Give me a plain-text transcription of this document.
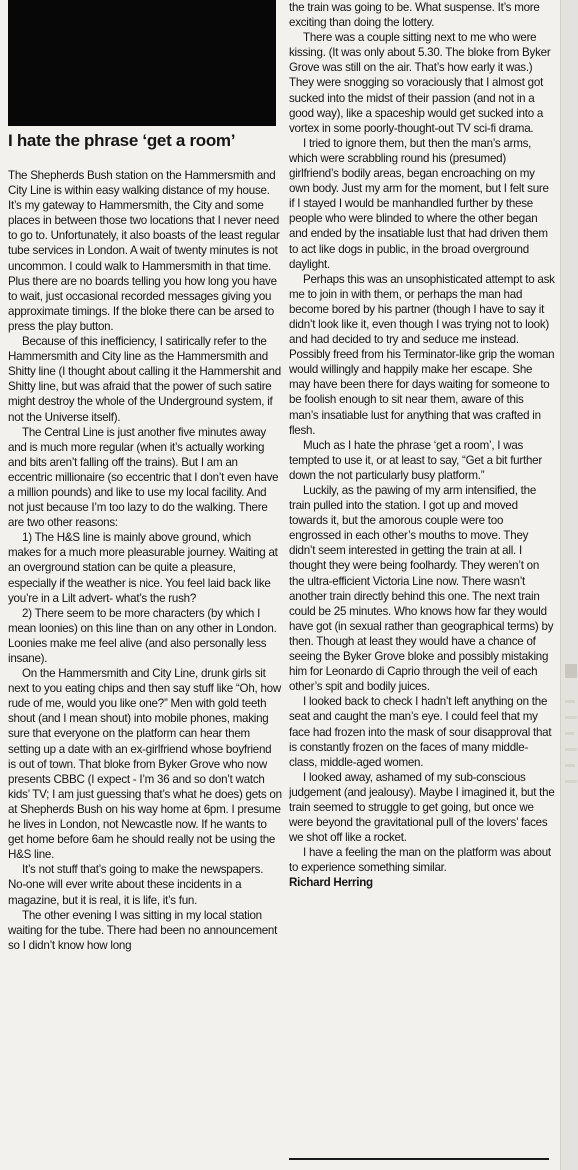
I hate the phrase ‘get a room’

The Shepherds Bush station on the Hammersmith and City Line is within easy walking distance of my house. It’s my gateway to Hammersmith, the City and some places in between those two locations that I never need to go to. Unfortunately, it also boasts of the least regular tube services in London. A wait of twenty minutes is not uncommon. I could walk to Hammersmith in that time. Plus there are no boards telling you how long you have to wait, just occasional recorded messages giving you approximate timings. If the bloke there can be arsed to press the play button.

Because of this inefficiency, I satirically refer to the Hammersmith and City line as the Hammersmith and Shitty line (I thought about calling it the Hammershit and Shitty line, but was afraid that the power of such satire might destroy the whole of the Underground system, if not the Universe itself).

The Central Line is just another five minutes away and is much more regular (when it’s actually working and bits aren’t falling off the trains). But I am an eccentric millionaire (so eccentric that I don’t even have a million pounds) and like to use my local facility. And not just because I’m too lazy to do the walking. There are two other reasons:

1) The H&S line is mainly above ground, which makes for a much more pleasurable journey. Waiting at an overground station can be quite a pleasure, especially if the weather is nice. You feel laid back like you’re in a Lilt advert- what’s the rush?

2) There seem to be more characters (by which I mean loonies) on this line than on any other in London. Loonies make me feel alive (and also personally less insane).

On the Hammersmith and City Line, drunk girls sit next to you eating chips and then say stuff like “Oh, how rude of me, would you like one?” Men with gold teeth shout (and I mean shout) into mobile phones, making sure that everyone on the platform can hear them setting up a date with an ex-girlfriend whose boyfriend is out of town. That bloke from Byker Grove who now presents CBBC (I expect - I’m 36 and so don’t watch kids’ TV; I am just guessing that’s what he does) gets on at Shepherds Bush on his way home at 6pm. I presume he lives in London, not Newcastle now. If he wants to get home before 6am he should really not be using the H&S line.

It’s not stuff that’s going to make the newspapers. No-one will ever write about these incidents in a magazine, but it is real, it is life, it’s fun.

The other evening I was sitting in my local station waiting for the tube. There had been no announcement so I didn’t know how long

the train was going to be. What suspense. It’s more exciting than doing the lottery.

There was a couple sitting next to me who were kissing. (It was only about 5.30. The bloke from Byker Grove was still on the air. That’s how early it was.) They were snogging so voraciously that I almost got sucked into the midst of their passion (and not in a good way), like a spaceship would get sucked into a vortex in some poorly-thought-out TV sci-fi drama.

I tried to ignore them, but then the man’s arms, which were scrabbling round his (presumed) girlfriend’s bodily areas, began encroaching on my own body. Just my arm for the moment, but I felt sure if I stayed I would be manhandled further by these people who were blinded to where the other began and ended by the insatiable lust that had driven them to act like dogs in public, in the broad overground daylight.

Perhaps this was an unsophisticated attempt to ask me to join in with them, or perhaps the man had become bored by his partner (though I have to say it didn’t look like it, even though I was trying not to look) and had decided to try and seduce me instead. Possibly freed from his Terminator-like grip the woman would willingly and happily make her escape. She may have been there for days waiting for someone to be foolish enough to sit near them, aware of this man’s insatiable lust for anything that was crafted in flesh.

Much as I hate the phrase ‘get a room’, I was tempted to use it, or at least to say, “Get a bit further down the not particularly busy platform.”

Luckily, as the pawing of my arm intensified, the train pulled into the station. I got up and moved towards it, but the amorous couple were too engrossed in each other’s mouths to move. They didn’t seem interested in getting the train at all. I thought they were being foolhardy. They weren’t on the ultra-efficient Victoria Line now. There wasn’t another train directly behind this one. The next train could be 25 minutes. Who knows how far they would have got (in sexual rather than geographical terms) by then. Though at least they would have a chance of seeing the Byker Grove bloke and possibly mistaking him for Leonardo di Caprio through the veil of each other’s spit and bodily juices.

I looked back to check I hadn’t left anything on the seat and caught the man’s eye. I could feel that my face had frozen into the mask of sour disapproval that is constantly frozen on the faces of many middle-class, middle-aged women.

I looked away, ashamed of my sub-conscious judgement (and jealousy). Maybe I imagined it, but the train seemed to struggle to get going, but once we were beyond the gravitational pull of the lovers’ faces we shot off like a rocket.

I have a feeling the man on the platform was about to experience something similar.

Richard Herring
